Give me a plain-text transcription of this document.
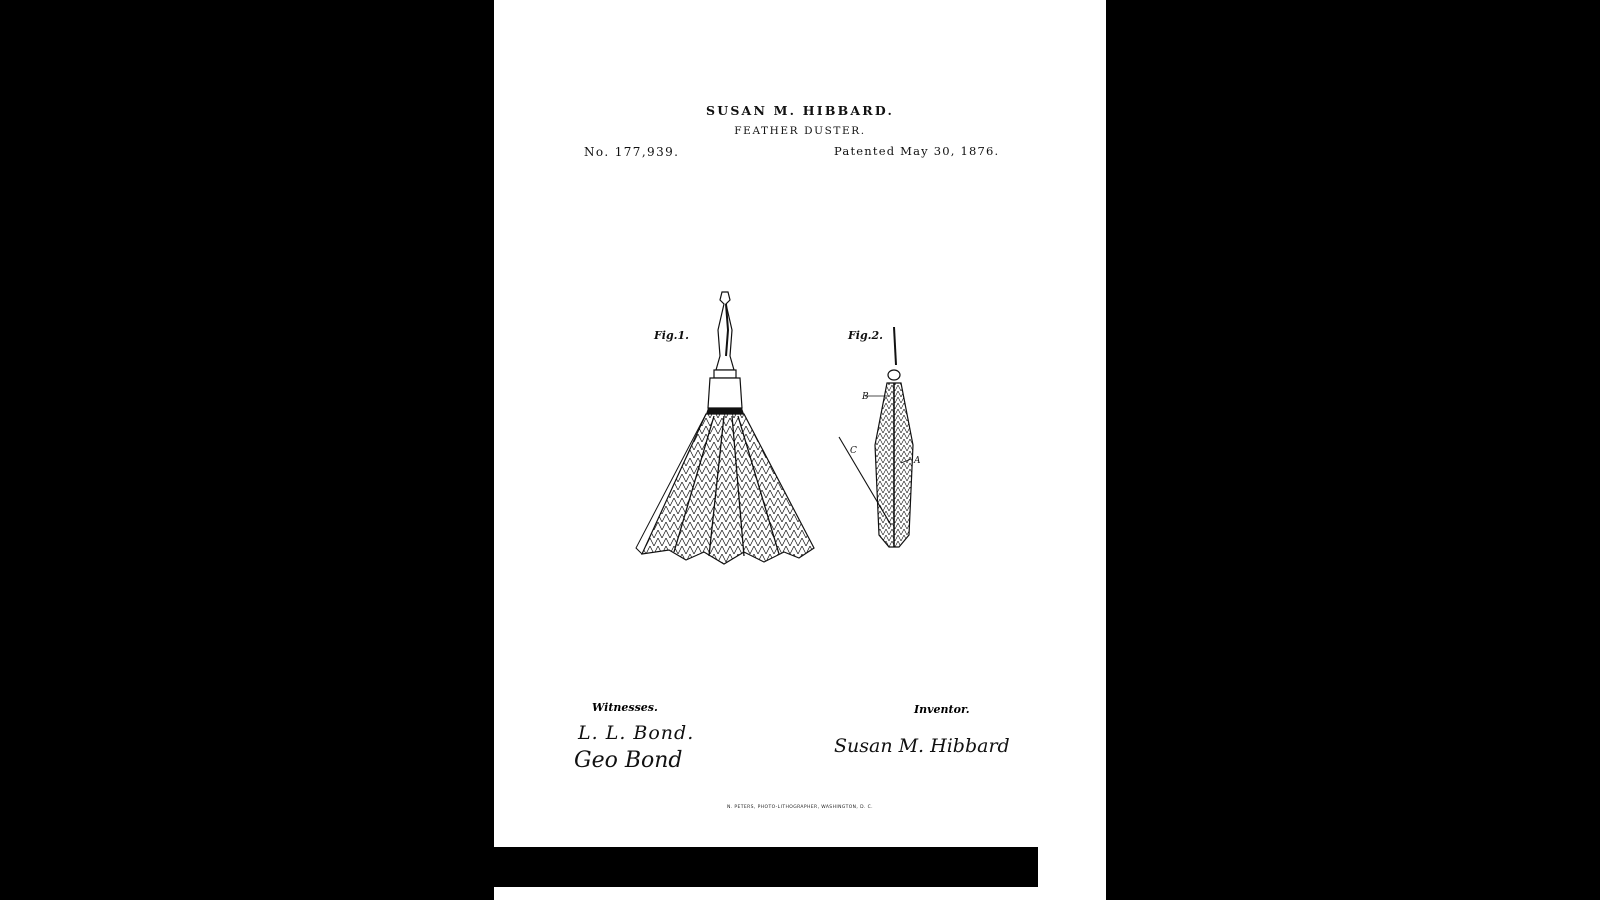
SUSAN M. HIBBARD.
FEATHER DUSTER.
No. 177,939.	Patented May 30, 1876.
Fig.1.	Fig.2.
B
C
A
Witnesses.	Inventor.
L. L. Bond.
Geo Bond
Susan M. Hibbard
N. PETERS, PHOTO-LITHOGRAPHER, WASHINGTON, D. C.
